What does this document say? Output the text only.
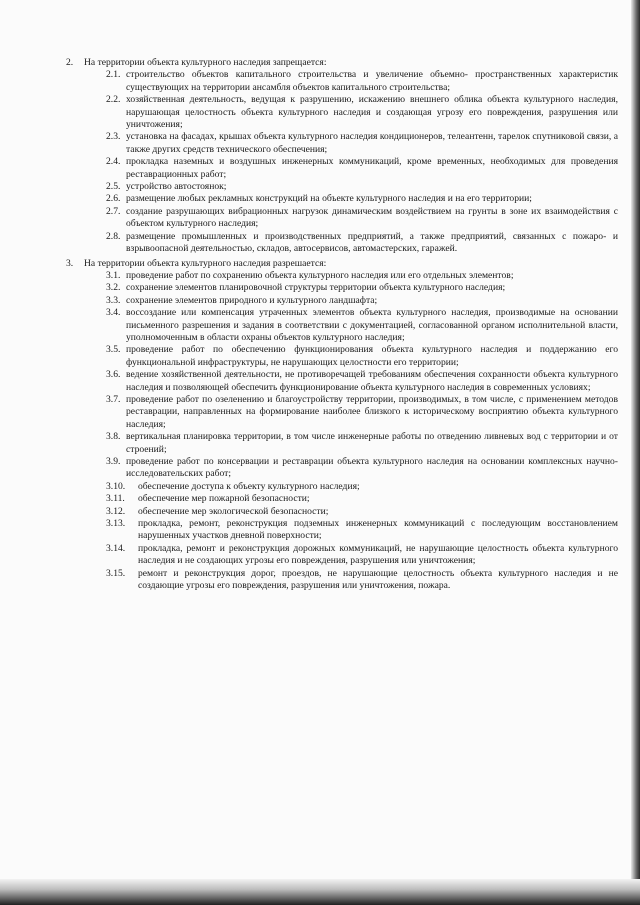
2.	На территории объекта культурного наследия запрещается:
2.1. строительство объектов капитального строительства и увеличение объемно- пространственных характеристик существующих на территории ансамбля объектов капитального строительства;
2.2. хозяйственная деятельность, ведущая к разрушению, искажению внешнего облика объекта культурного наследия, нарушающая целостность объекта культурного наследия и создающая угрозу его повреждения, разрушения или уничтожения;
2.3. установка на фасадах, крышах объекта культурного наследия кондиционеров, телеантенн, тарелок спутниковой связи, а также других средств технического обеспечения;
2.4. прокладка наземных и воздушных инженерных коммуникаций, кроме временных, необходимых для проведения реставрационных работ;
2.5. устройство автостоянок;
2.6. размещение любых рекламных конструкций на объекте культурного наследия и на его территории;
2.7. создание разрушающих вибрационных нагрузок динамическим воздействием на грунты в зоне их взаимодействия с объектом культурного наследия;
2.8. размещение промышленных и производственных предприятий, а также предприятий, связанных с пожаро- и взрывоопасной деятельностью, складов, автосервисов, автомастерских, гаражей.
3.	На территории объекта культурного наследия разрешается:
3.1. проведение работ по сохранению объекта культурного наследия или его отдельных элементов;
3.2. сохранение элементов планировочной структуры территории объекта культурного наследия;
3.3. сохранение элементов природного и культурного ландшафта;
3.4. воссоздание или компенсация утраченных элементов объекта культурного наследия, производимые на основании письменного разрешения и задания в соответствии с документацией, согласованной органом исполнительной власти, уполномоченным в области охраны объектов культурного наследия;
3.5. проведение работ по обеспечению функционирования объекта культурного наследия и поддержанию его функциональной инфраструктуры, не нарушающих целостности его территории;
3.6. ведение хозяйственной деятельности, не противоречащей требованиям обеспечения сохранности объекта культурного наследия и позволяющей обеспечить функционирование объекта культурного наследия в современных условиях;
3.7. проведение работ по озеленению и благоустройству территории, производимых, в том числе, с применением методов реставрации, направленных на формирование наиболее близкого к историческому восприятию объекта культурного наследия;
3.8. вертикальная планировка территории, в том числе инженерные работы по отведению ливневых вод с территории и от строений;
3.9. проведение работ по консервации и реставрации объекта культурного наследия на основании комплексных научно-исследовательских работ;
3.10.	обеспечение доступа к объекту культурного наследия;
3.11.	обеспечение мер пожарной безопасности;
3.12.	обеспечение мер экологической безопасности;
3.13.	прокладка, ремонт, реконструкция подземных инженерных коммуникаций с последующим восстановлением нарушенных участков дневной поверхности;
3.14.	прокладка, ремонт и реконструкция дорожных коммуникаций, не нарушающие целостность объекта культурного наследия и не создающих угрозы его повреждения, разрушения или уничтожения;
3.15.	ремонт и реконструкция дорог, проездов, не нарушающие целостность объекта культурного наследия и не создающие угрозы его повреждения, разрушения или уничтожения, пожара.
